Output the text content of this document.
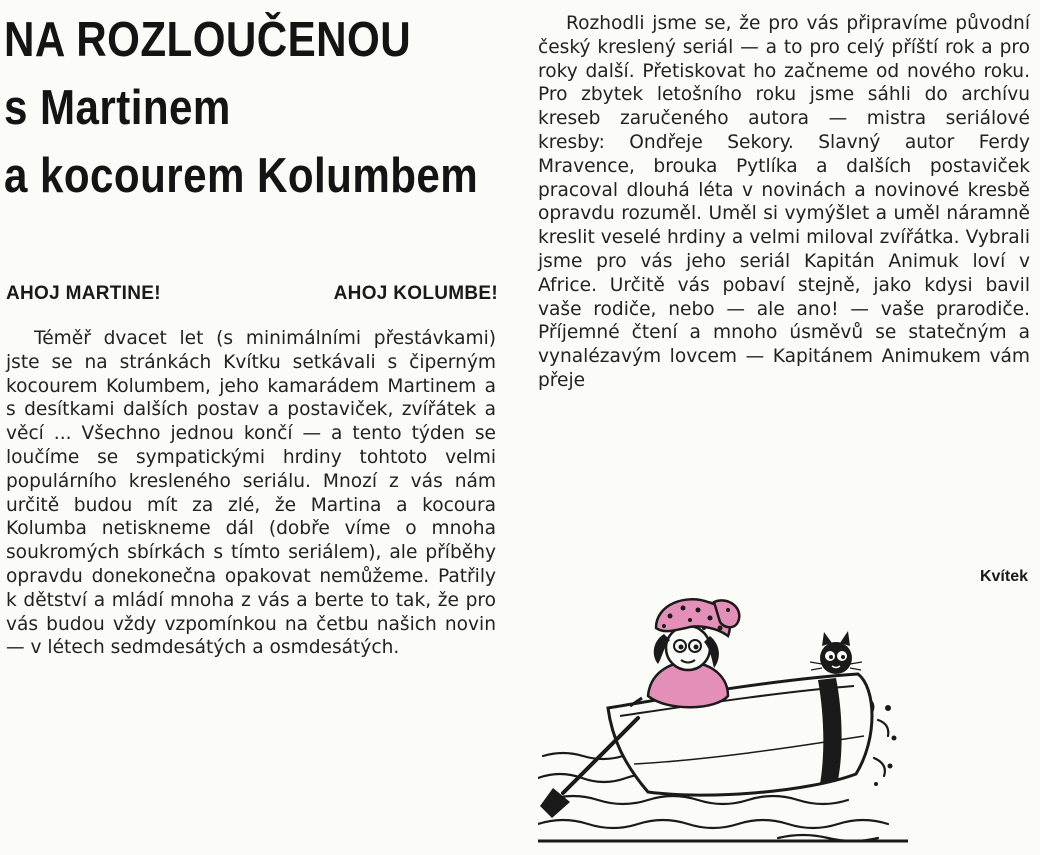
NA ROZLOUČENOU
s Martinem
a kocourem Kolumbem
AHOJ MARTINE!	AHOJ KOLUMBE!
Téměř dvacet let (s minimálními přestávkami) jste se na stránkách Kvítku setkávali s čiperným kocourem Kolumbem, jeho kamarádem Martinem a s desítkami dalších postav a postaviček, zvířátek a věcí ... Všechno jednou končí — a tento týden se loučíme se sympatickými hrdiny tohtoto velmi populárního kresleného seriálu. Mnozí z vás nám určitě budou mít za zlé, že Martina a kocoura Kolumba netiskneme dál (dobře víme o mnoha soukromých sbírkách s tímto seriálem), ale příběhy opravdu donekonečna opakovat nemůžeme. Patřily k dětství a mládí mnoha z vás a berte to tak, že pro vás budou vždy vzpomínkou na četbu našich novin — v létech sedmdesátých a osmdesátých.
Rozhodli jsme se, že pro vás připravíme původní český kreslený seriál — a to pro celý příští rok a pro roky další. Přetiskovat ho začneme od nového roku. Pro zbytek letošního roku jsme sáhli do archívu kreseb zaručeného autora — mistra seriálové kresby: Ondřeje Sekory. Slavný autor Ferdy Mravence, brouka Pytlíka a dalších postaviček pracoval dlouhá léta v novinách a novinové kresbě opravdu rozuměl. Uměl si vymýšlet a uměl náramně kreslit veselé hrdiny a velmi miloval zvířátka. Vybrali jsme pro vás jeho seriál Kapitán Animuk loví v Africe. Určitě vás pobaví stejně, jako kdysi bavil vaše rodiče, nebo — ale ano! — vaše prarodiče. Příjemné čtení a mnoho úsměvů se statečným a vynalézavým lovcem — Kapitánem Animukem vám přeje
Kvítek
